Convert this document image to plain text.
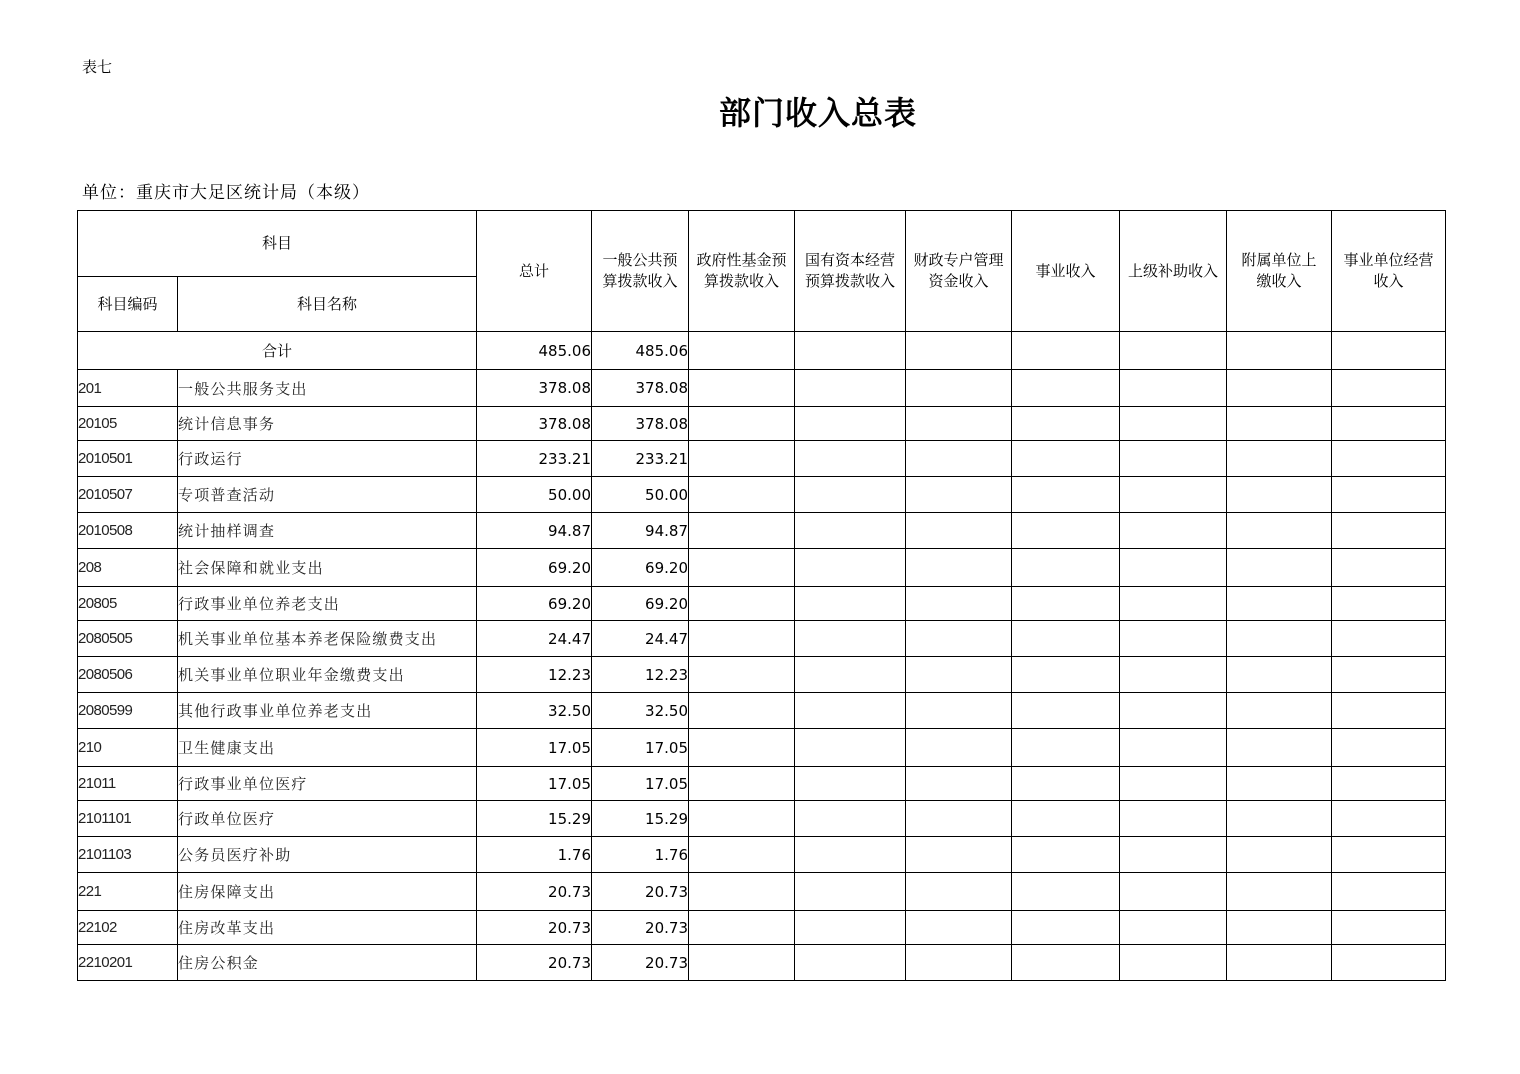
表七
部门收入总表
单位：重庆市大足区统计局（本级）
科目		总计	一般公共预算拨款收入	政府性基金预算拨款收入	国有资本经营预算拨款收入	财政专户管理资金收入	事业收入	上级补助收入	附属单位上缴收入	事业单位经营收入
科目编码	科目名称									
合计		485.06	485.06							
201	一般公共服务支出	378.08	378.08							
20105	统计信息事务	378.08	378.08							
2010501	行政运行	233.21	233.21							
2010507	专项普查活动	50.00	50.00							
2010508	统计抽样调查	94.87	94.87							
208	社会保障和就业支出	69.20	69.20							
20805	行政事业单位养老支出	69.20	69.20							
2080505	机关事业单位基本养老保险缴费支出	24.47	24.47							
2080506	机关事业单位职业年金缴费支出	12.23	12.23							
2080599	其他行政事业单位养老支出	32.50	32.50							
210	卫生健康支出	17.05	17.05							
21011	行政事业单位医疗	17.05	17.05							
2101101	行政单位医疗	15.29	15.29							
2101103	公务员医疗补助	1.76	1.76							
221	住房保障支出	20.73	20.73							
22102	住房改革支出	20.73	20.73							
2210201	住房公积金	20.73	20.73							
